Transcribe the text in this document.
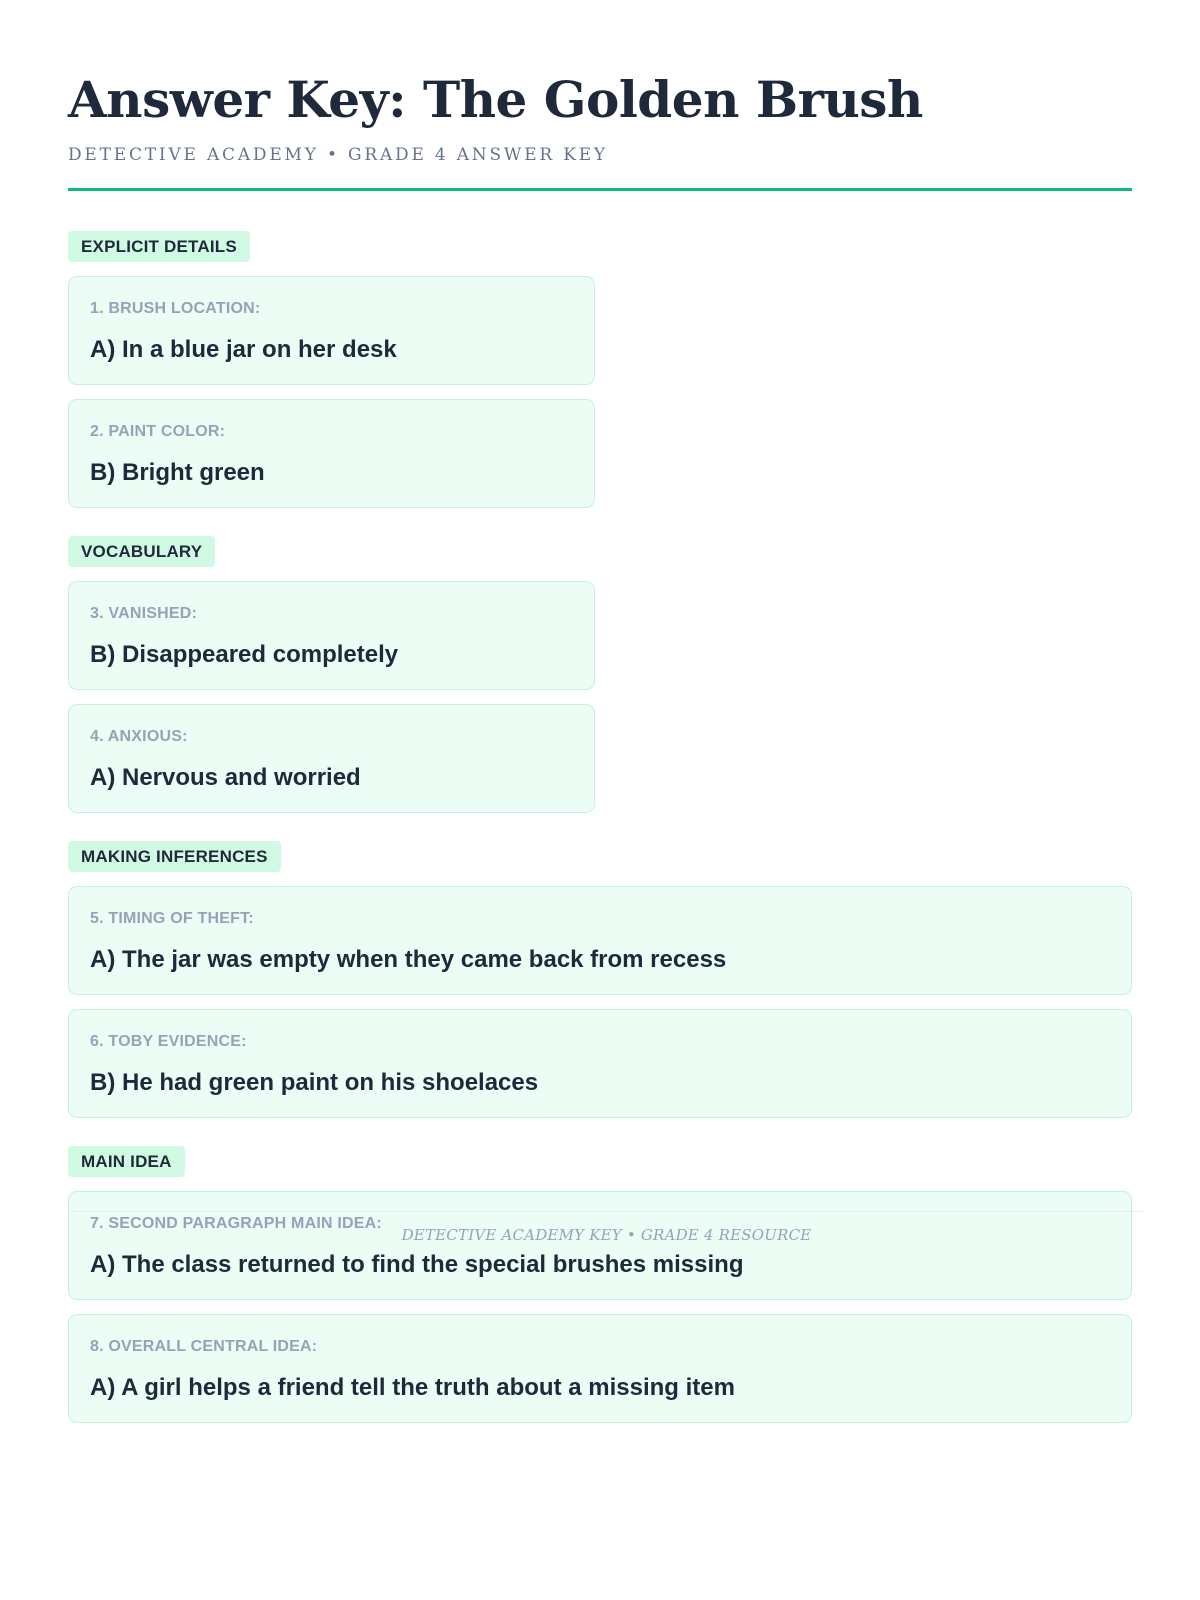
Answer Key: The Golden Brush
DETECTIVE ACADEMY • GRADE 4 ANSWER KEY
EXPLICIT DETAILS
1. BRUSH LOCATION:
A) In a blue jar on her desk
2. PAINT COLOR:
B) Bright green
VOCABULARY
3. VANISHED:
B) Disappeared completely
4. ANXIOUS:
A) Nervous and worried
MAKING INFERENCES
5. TIMING OF THEFT:
A) The jar was empty when they came back from recess
6. TOBY EVIDENCE:
B) He had green paint on his shoelaces
MAIN IDEA
7. SECOND PARAGRAPH MAIN IDEA:
A) The class returned to find the special brushes missing
8. OVERALL CENTRAL IDEA:
A) A girl helps a friend tell the truth about a missing item
DETECTIVE ACADEMY KEY • GRADE 4 RESOURCE
